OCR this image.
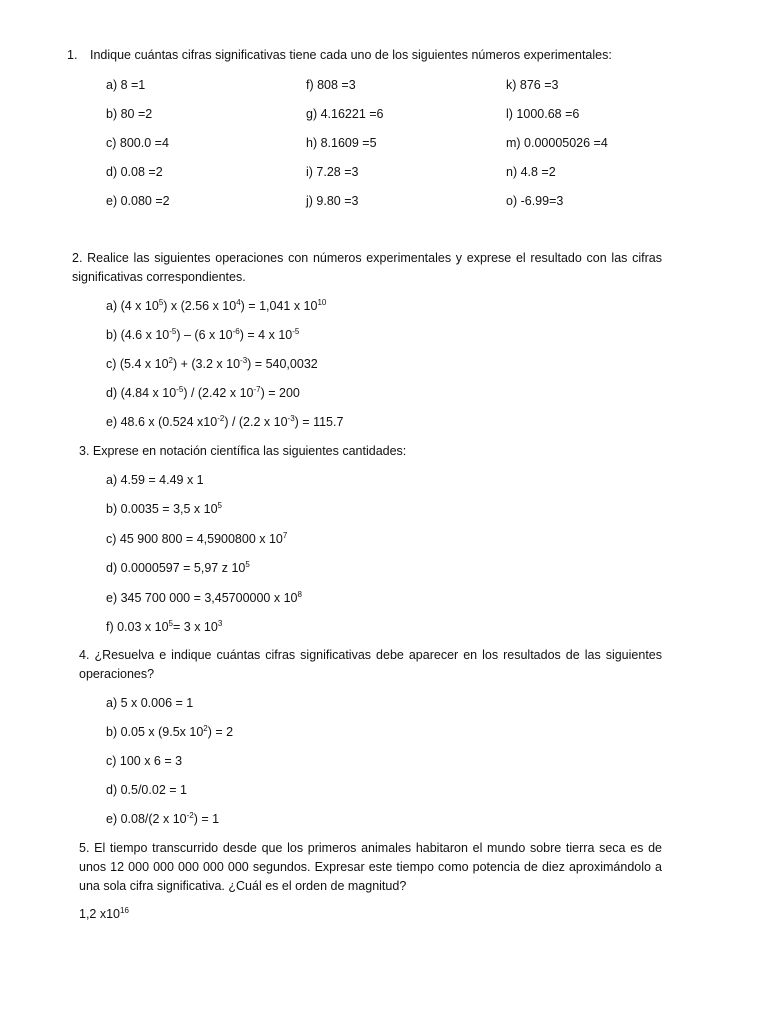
1. Indique cuántas cifras significativas tiene cada uno de los siguientes números experimentales:
a) 8 =1
b) 80 =2
c) 800.0 =4
d) 0.08 =2
e) 0.080 =2
f) 808 =3
g) 4.16221 =6
h) 8.1609 =5
i) 7.28 =3
j) 9.80 =3
k) 876 =3
l) 1000.68 =6
m) 0.00005026 =4
n) 4.8 =2
o) -6.99=3
2. Realice las siguientes operaciones con números experimentales y exprese el resultado con las cifras significativas correspondientes.
a) (4 x $10^5$) x (2.56 x $10^4) = 1,041$ x $10^{10}$
b) (4.6 x $10^{-5}) - (6$ x $10^{-6}) = 4$ x $10^{-5}$
c) (5.4 x $10^2) + (3.2$ x $10^{-3}) = 540,0032$
d) (4.84 x $10^{-5}) / (2.42$ x $10^{-7}) = 200$
e) 48.6 x (0.524 $x10^{-2}) / (2.2$ x $10^{-3}) = 115.7$
3. Exprese en notación científica las siguientes cantidades:
a) 4.59 = 4.49 x 1
b) 0.0035 = 3,5 x $10^5$
c) 45 900 800 = 4,5900800 x $10^7$
d) 0.0000597 = 5,97 z $10^5$
e) 345 700 000 = 3,45700000 x $10^8$
f) 0.03 x $10^5= 3$ x $10^3$
4. ¿Resuelva e indique cuántas cifras significativas debe aparecer en los resultados de las siguientes operaciones?
a) 5 x 0.006 = 1
b) 0.05 x (9.5x $10^2) = 2$
c) 100 x 6 = 3
d) 0.5/0.02 = 1
e) 0.08/(2 x $10^{-2}) = 1$
5. El tiempo transcurrido desde que los primeros animales habitaron el mundo sobre tierra seca es de unos 12 000 000 000 000 000 segundos. Expresar este tiempo como potencia de diez aproximándolo a una sola cifra significativa. ¿Cuál es el orden de magnitud?
1,2 $x10^{16}$
